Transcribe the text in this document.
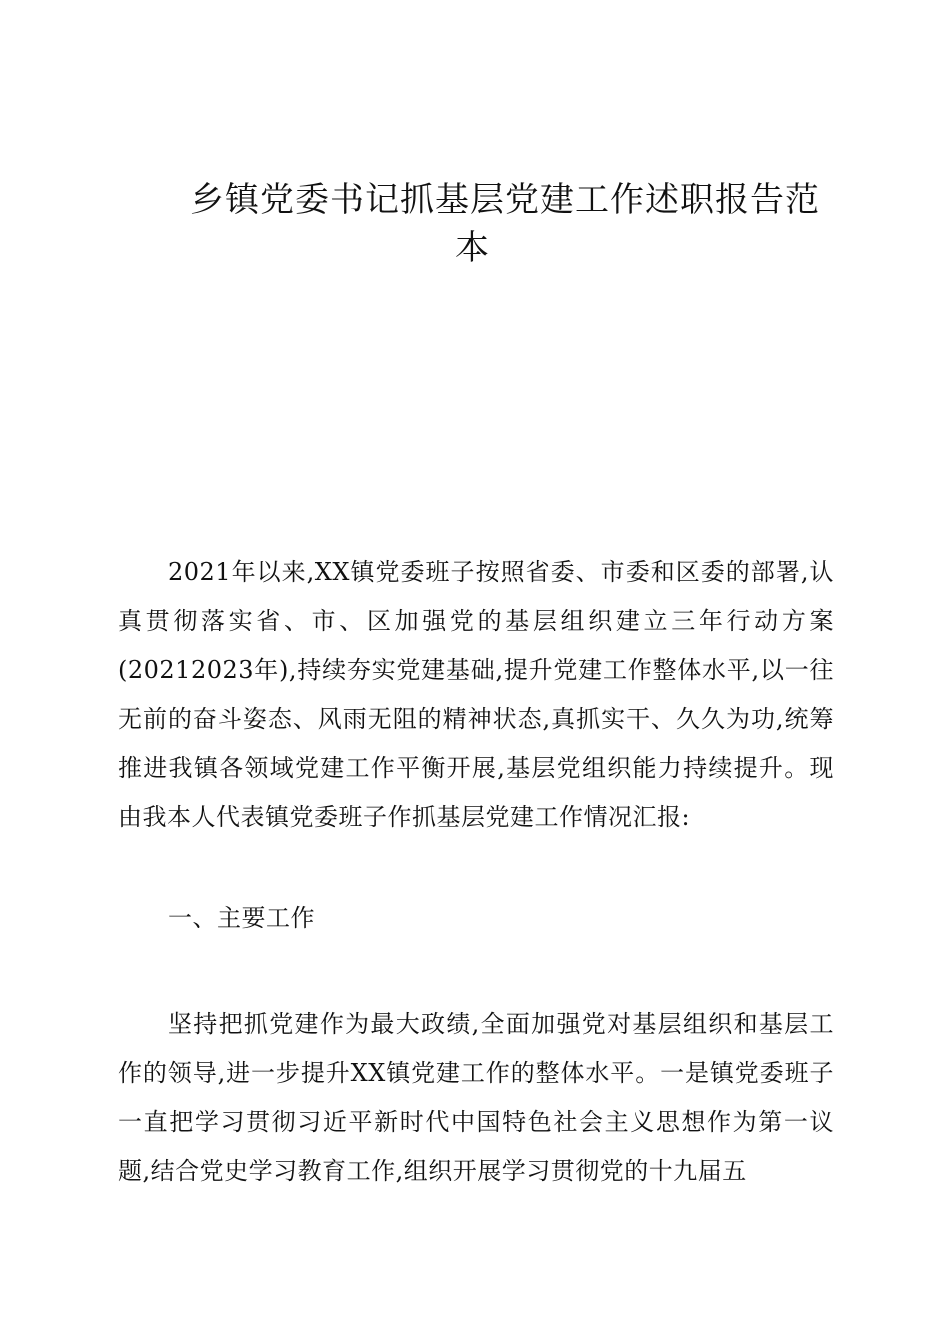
乡镇党委书记抓基层党建工作述职报告范
本

2021年以来,XX镇党委班子按照省委、市委和区委的部署,认真贯彻落实省、市、区加强党的基层组织建立三年行动方案(20212023年),持续夯实党建基础,提升党建工作整体水平,以一往无前的奋斗姿态、风雨无阻的精神状态,真抓实干、久久为功,统筹推进我镇各领域党建工作平衡开展,基层党组织能力持续提升。现由我本人代表镇党委班子作抓基层党建工作情况汇报:

一、主要工作

坚持把抓党建作为最大政绩,全面加强党对基层组织和基层工作的领导,进一步提升XX镇党建工作的整体水平。一是镇党委班子一直把学习贯彻习近平新时代中国特色社会主义思想作为第一议题,结合党史学习教育工作,组织开展学习贯彻党的十九届五
